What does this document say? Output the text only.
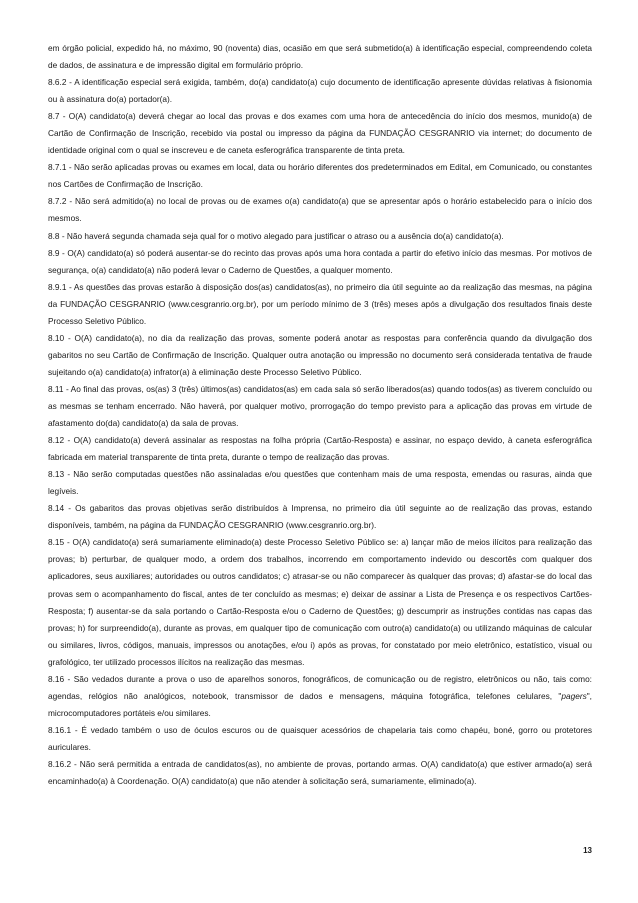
em órgão policial, expedido há, no máximo, 90 (noventa) dias, ocasião em que será submetido(a) à identificação especial, compreendendo coleta de dados, de assinatura e de impressão digital em formulário próprio.

8.6.2 - A identificação especial será exigida, também, do(a) candidato(a) cujo documento de identificação apresente dúvidas relativas à fisionomia ou à assinatura do(a) portador(a).

8.7 - O(A) candidato(a) deverá chegar ao local das provas e dos exames com uma hora de antecedência do início dos mesmos, munido(a) de Cartão de Confirmação de Inscrição, recebido via postal ou impresso da página da FUNDAÇÃO CESGRANRIO via internet; do documento de identidade original com o qual se inscreveu e de caneta esferográfica transparente de tinta preta.

8.7.1 - Não serão aplicadas provas ou exames em local, data ou horário diferentes dos predeterminados em Edital, em Comunicado, ou constantes nos Cartões de Confirmação de Inscrição.

8.7.2 - Não será admitido(a) no local de provas ou de exames o(a) candidato(a) que se apresentar após o horário estabelecido para o início dos mesmos.

8.8 - Não haverá segunda chamada seja qual for o motivo alegado para justificar o atraso ou a ausência do(a) candidato(a).

8.9 - O(A) candidato(a) só poderá ausentar-se do recinto das provas após uma hora contada a partir do efetivo início das mesmas. Por motivos de segurança, o(a) candidato(a) não poderá levar o Caderno de Questões, a qualquer momento.

8.9.1 - As questões das provas estarão à disposição dos(as) candidatos(as), no primeiro dia útil seguinte ao da realização das mesmas, na página da FUNDAÇÃO CESGRANRIO (www.cesgranrio.org.br), por um período mínimo de 3 (três) meses após a divulgação dos resultados finais deste Processo Seletivo Público.

8.10 - O(A) candidato(a), no dia da realização das provas, somente poderá anotar as respostas para conferência quando da divulgação dos gabaritos no seu Cartão de Confirmação de Inscrição. Qualquer outra anotação ou impressão no documento será considerada tentativa de fraude sujeitando o(a) candidato(a) infrator(a) à eliminação deste Processo Seletivo Público.

8.11 - Ao final das provas, os(as) 3 (três) últimos(as) candidatos(as) em cada sala só serão liberados(as) quando todos(as) as tiverem concluído ou as mesmas se tenham encerrado. Não haverá, por qualquer motivo, prorrogação do tempo previsto para a aplicação das provas em virtude de afastamento do(da) candidato(a) da sala de provas.

8.12 - O(A) candidato(a) deverá assinalar as respostas na folha própria (Cartão-Resposta) e assinar, no espaço devido, à caneta esferográfica fabricada em material transparente de tinta preta, durante o tempo de realização das provas.

8.13 - Não serão computadas questões não assinaladas e/ou questões que contenham mais de uma resposta, emendas ou rasuras, ainda que legíveis.

8.14 - Os gabaritos das provas objetivas serão distribuídos à Imprensa, no primeiro dia útil seguinte ao de realização das provas, estando disponíveis, também, na página da FUNDAÇÃO CESGRANRIO (www.cesgranrio.org.br).

8.15 - O(A) candidato(a) será sumariamente eliminado(a) deste Processo Seletivo Público se: a) lançar mão de meios ilícitos para realização das provas; b) perturbar, de qualquer modo, a ordem dos trabalhos, incorrendo em comportamento indevido ou descortês com qualquer dos aplicadores, seus auxiliares; autoridades ou outros candidatos; c) atrasar-se ou não comparecer às qualquer das provas; d) afastar-se do local das provas sem o acompanhamento do fiscal, antes de ter concluído as mesmas; e) deixar de assinar a Lista de Presença e os respectivos Cartões-Resposta; f) ausentar-se da sala portando o Cartão-Resposta e/ou o Caderno de Questões; g) descumprir as instruções contidas nas capas das provas; h) for surpreendido(a), durante as provas, em qualquer tipo de comunicação com outro(a) candidato(a) ou utilizando máquinas de calcular ou similares, livros, códigos, manuais, impressos ou anotações, e/ou i) após as provas, for constatado por meio eletrônico, estatístico, visual ou grafológico, ter utilizado processos ilícitos na realização das mesmas.

8.16 - São vedados durante a prova o uso de aparelhos sonoros, fonográficos, de comunicação ou de registro, eletrônicos ou não, tais como: agendas, relógios não analógicos, notebook, transmissor de dados e mensagens, máquina fotográfica, telefones celulares, "pagers", microcomputadores portáteis e/ou similares.

8.16.1 - É vedado também o uso de óculos escuros ou de quaisquer acessórios de chapelaria tais como chapéu, boné, gorro ou protetores auriculares.

8.16.2 - Não será permitida a entrada de candidatos(as), no ambiente de provas, portando armas. O(A) candidato(a) que estiver armado(a) será encaminhado(a) à Coordenação. O(A) candidato(a) que não atender à solicitação será, sumariamente, eliminado(a).

13
